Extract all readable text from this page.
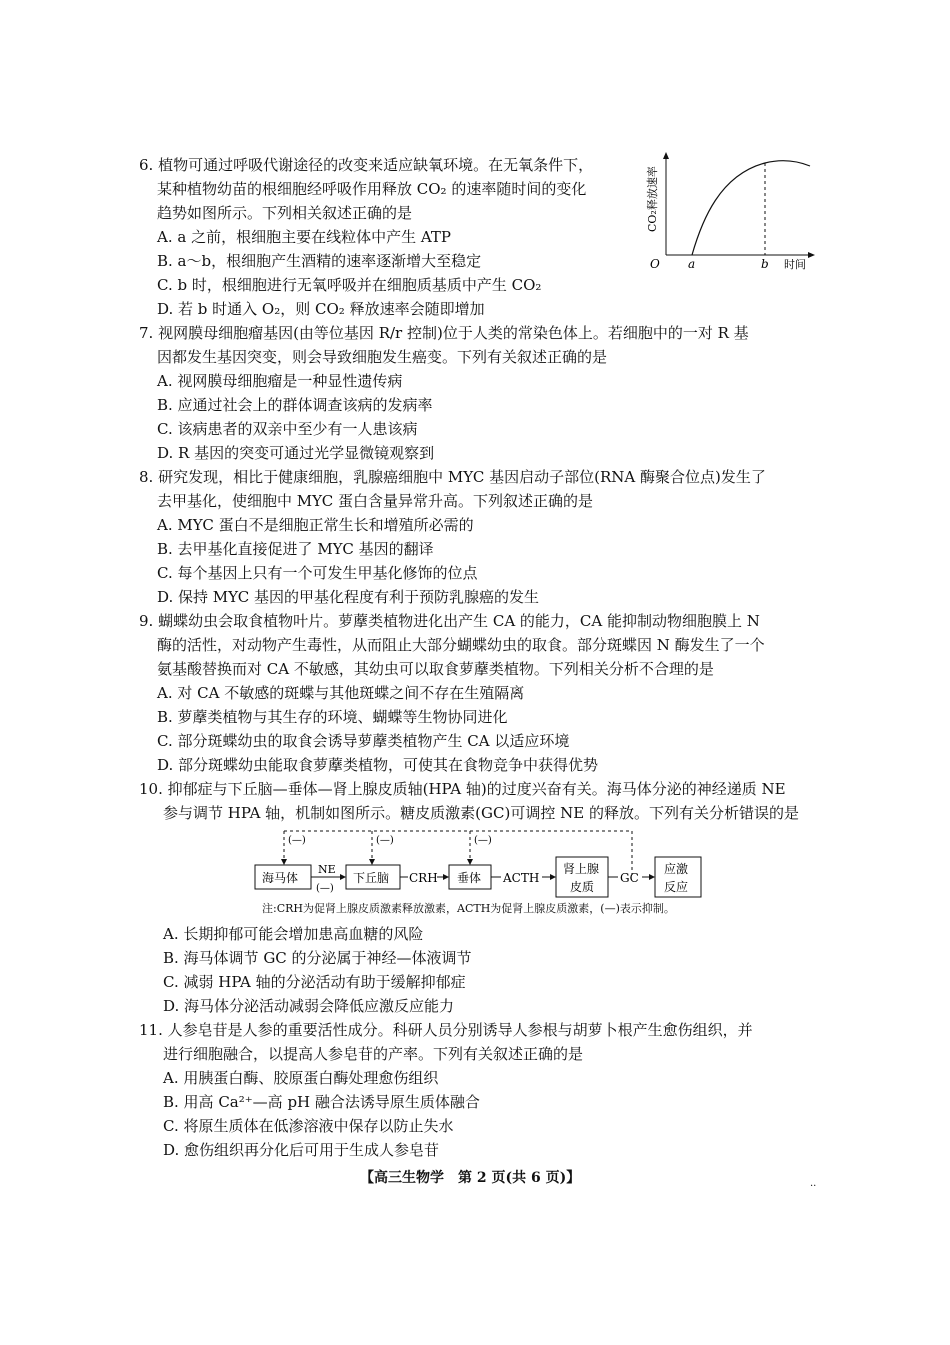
6. 植物可通过呼吸代谢途径的改变来适应缺氧环境。在无氧条件下，
某种植物幼苗的根细胞经呼吸作用释放 CO₂ 的速率随时间的变化
趋势如图所示。下列相关叙述正确的是
A. a 之前，根细胞主要在线粒体中产生 ATP
B. a～b，根细胞产生酒精的速率逐渐增大至稳定
C. b 时，根细胞进行无氧呼吸并在细胞质基质中产生 CO₂
D. 若 b 时通入 O₂，则 CO₂ 释放速率会随即增加
CO₂释放速率
O a	b 时间
7. 视网膜母细胞瘤基因(由等位基因 R/r 控制)位于人类的常染色体上。若细胞中的一对 R 基
因都发生基因突变，则会导致细胞发生癌变。下列有关叙述正确的是
A. 视网膜母细胞瘤是一种显性遗传病
B. 应通过社会上的群体调查该病的发病率
C. 该病患者的双亲中至少有一人患该病
D. R 基因的突变可通过光学显微镜观察到
8. 研究发现，相比于健康细胞，乳腺癌细胞中 MYC 基因启动子部位(RNA 酶聚合位点)发生了
去甲基化，使细胞中 MYC 蛋白含量异常升高。下列叙述正确的是
A. MYC 蛋白不是细胞正常生长和增殖所必需的
B. 去甲基化直接促进了 MYC 基因的翻译
C. 每个基因上只有一个可发生甲基化修饰的位点
D. 保持 MYC 基因的甲基化程度有利于预防乳腺癌的发生
9. 蝴蝶幼虫会取食植物叶片。萝藦类植物进化出产生 CA 的能力，CA 能抑制动物细胞膜上 N
酶的活性，对动物产生毒性，从而阻止大部分蝴蝶幼虫的取食。部分斑蝶因 N 酶发生了一个
氨基酸替换而对 CA 不敏感，其幼虫可以取食萝藦类植物。下列相关分析不合理的是
A. 对 CA 不敏感的斑蝶与其他斑蝶之间不存在生殖隔离
B. 萝藦类植物与其生存的环境、蝴蝶等生物协同进化
C. 部分斑蝶幼虫的取食会诱导萝藦类植物产生 CA 以适应环境
D. 部分斑蝶幼虫能取食萝藦类植物，可使其在食物竞争中获得优势
10. 抑郁症与下丘脑—垂体—肾上腺皮质轴(HPA 轴)的过度兴奋有关。海马体分泌的神经递质 NE
参与调节 HPA 轴，机制如图所示。糖皮质激素(GC)可调控 NE 的释放。下列有关分析错误的是
(—)	(—)	(—)
海马体	下丘脑	垂体
肾上腺
皮质
应激
反应
NE
(—)
CRH	ACTH	GC
注:CRH为促肾上腺皮质激素释放激素，ACTH为促肾上腺皮质激素，(—)表示抑制。
A. 长期抑郁可能会增加患高血糖的风险
B. 海马体调节 GC 的分泌属于神经—体液调节
C. 减弱 HPA 轴的分泌活动有助于缓解抑郁症
D. 海马体分泌活动减弱会降低应激反应能力
11. 人参皂苷是人参的重要活性成分。科研人员分别诱导人参根与胡萝卜根产生愈伤组织，并
进行细胞融合，以提高人参皂苷的产率。下列有关叙述正确的是
A. 用胰蛋白酶、胶原蛋白酶处理愈伤组织
B. 用高 Ca²⁺—高 pH 融合法诱导原生质体融合
C. 将原生质体在低渗溶液中保存以防止失水
D. 愈伤组织再分化后可用于生成人参皂苷
【高三生物学　第 2 页(共 6 页)】	..
